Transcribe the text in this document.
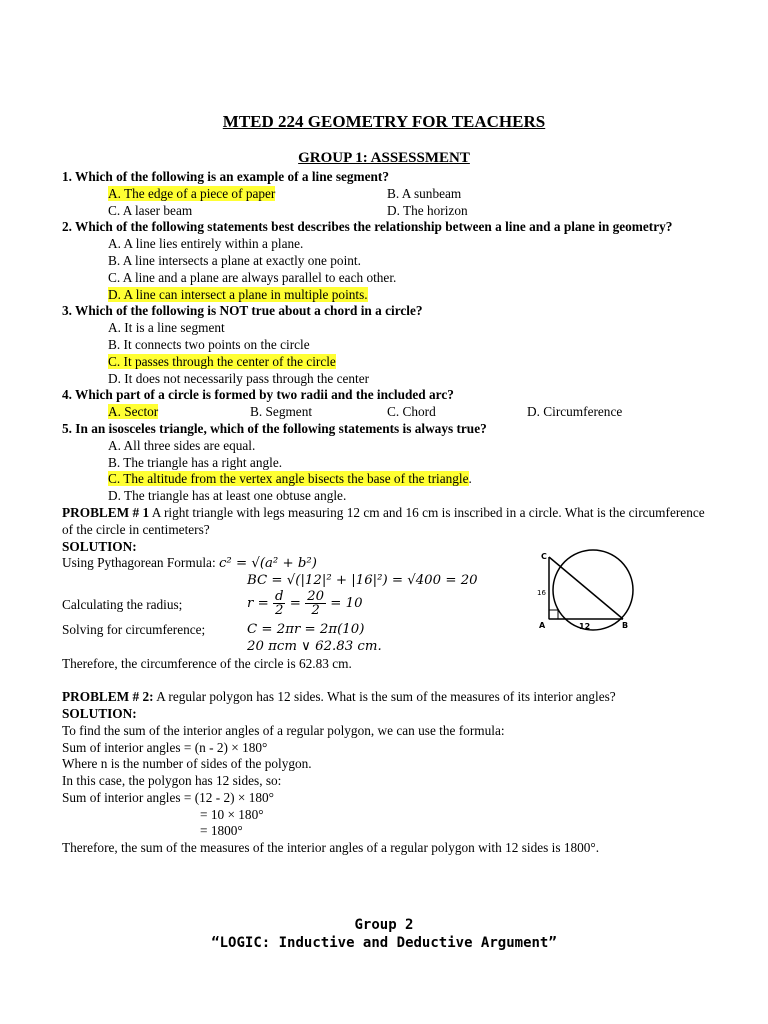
MTED 224 GEOMETRY FOR TEACHERS
GROUP 1: ASSESSMENT
1. Which of the following is an example of a line segment?
A. The edge of a piece of paper	B. A sunbeam
C. A laser beam	D. The horizon
2. Which of the following statements best describes the relationship between a line and a plane in geometry?
A. A line lies entirely within a plane.
B. A line intersects a plane at exactly one point.
C. A line and a plane are always parallel to each other.
D. A line can intersect a plane in multiple points.
3. Which of the following is NOT true about a chord in a circle?
A. It is a line segment
B. It connects two points on the circle
C. It passes through the center of the circle
D. It does not necessarily pass through the center
4. Which part of a circle is formed by two radii and the included arc?
A. Sector	B. Segment	C. Chord	D. Circumference
5. In an isosceles triangle, which of the following statements is always true?
A. All three sides are equal.
B. The triangle has a right angle.
C. The altitude from the vertex angle bisects the base of the triangle.
D. The triangle has at least one obtuse angle.
PROBLEM # 1 A right triangle with legs measuring 12 cm and 16 cm is inscribed in a circle. What is the circumference of the circle in centimeters?
SOLUTION:
Using Pythagorean Formula: c² = √(a² + b²)
BC = √(|12|² + |16|²) = √400 = 20
Calculating the radius;	$r = \frac{d}{2} = \frac{20}{2} = 10$
Solving for circumference;	C = 2πr = 2π(10)
20 πcm ∨ 62.83 cm.
Therefore, the circumference of the circle is 62.83 cm.
PROBLEM # 2: A regular polygon has 12 sides. What is the sum of the measures of its interior angles?
SOLUTION:
To find the sum of the interior angles of a regular polygon, we can use the formula:
Sum of interior angles = (n - 2) × 180°
Where n is the number of sides of the polygon.
In this case, the polygon has 12 sides, so:
Sum of interior angles = (12 - 2) × 180°
= 10 × 180°
= 1800°
Therefore, the sum of the measures of the interior angles of a regular polygon with 12 sides is 1800°.
C
A	B
16
12
Group 2
“LOGIC: Inductive and Deductive Argument”
